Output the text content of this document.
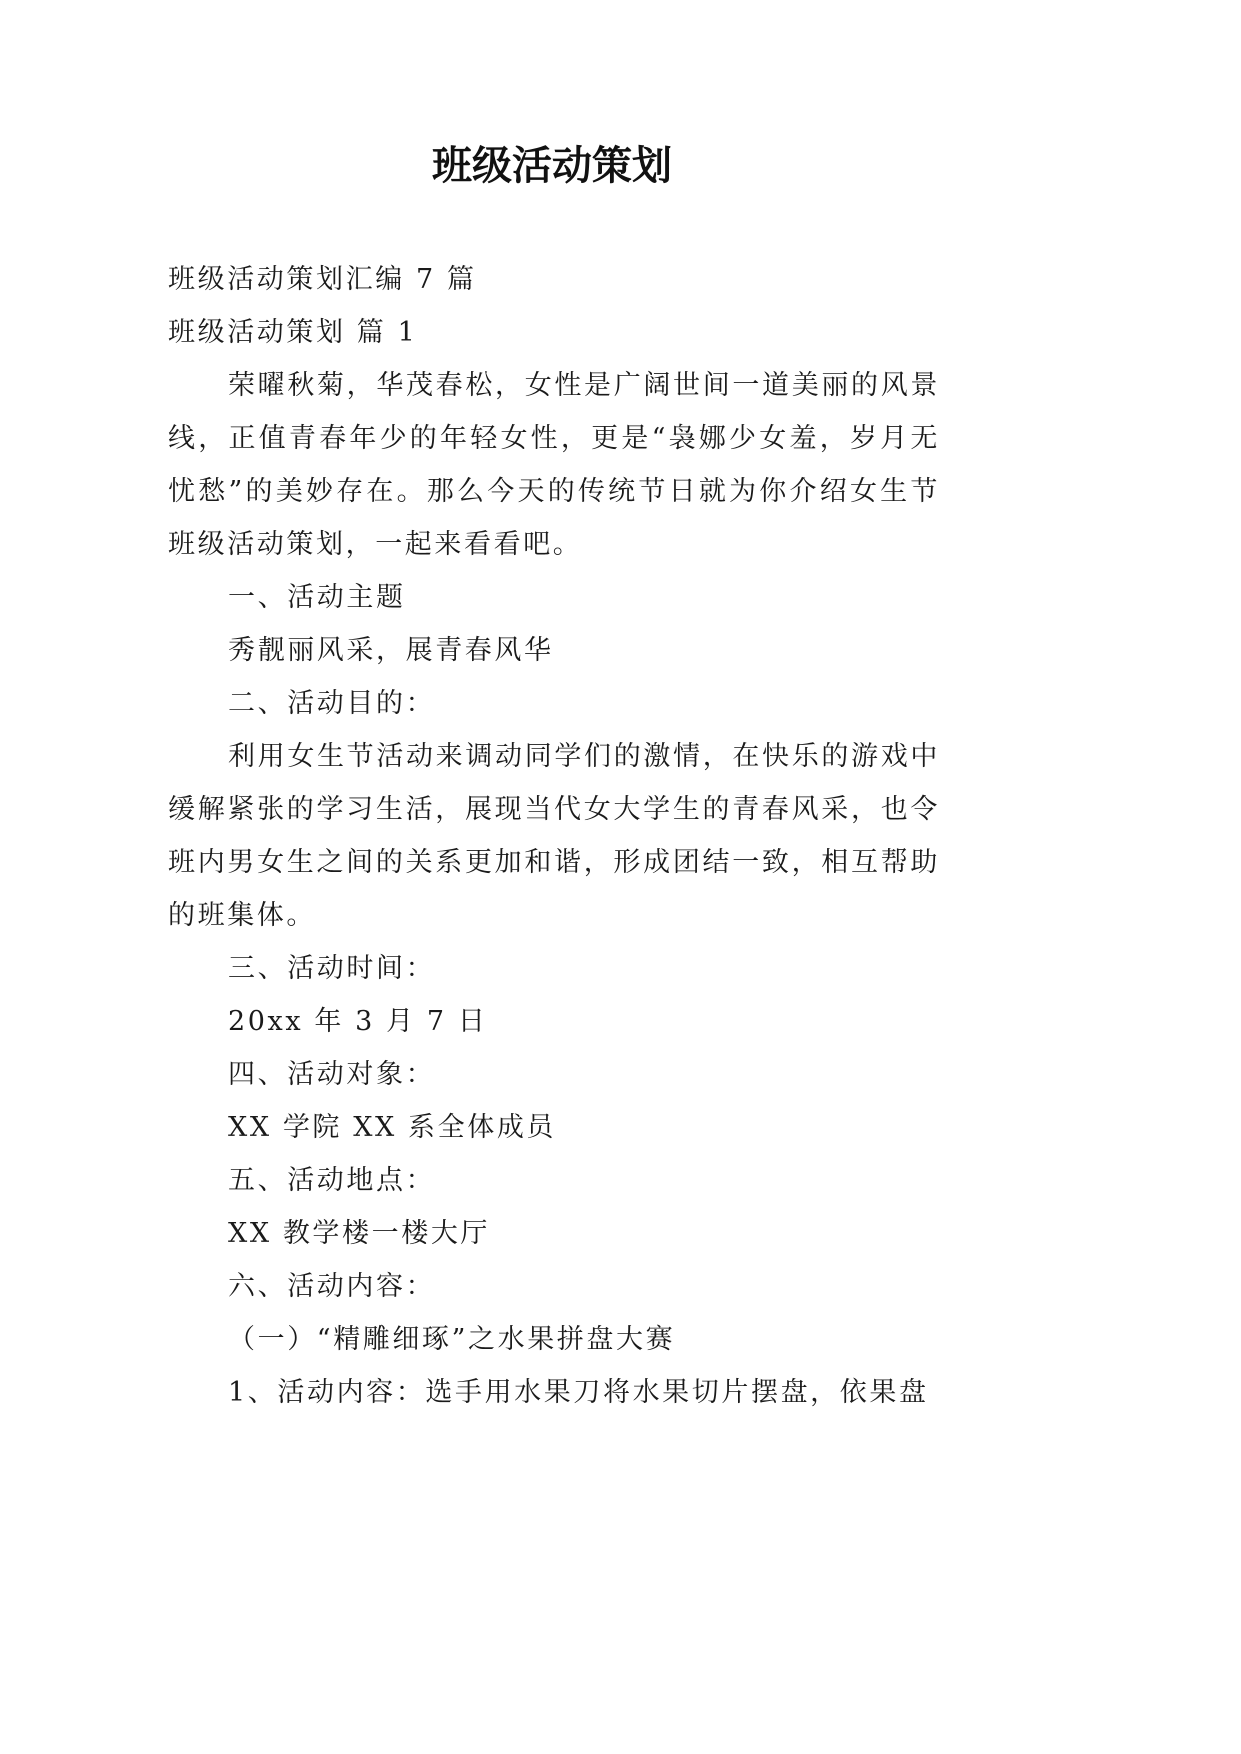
班级活动策划

班级活动策划汇编 7 篇

班级活动策划 篇 1

荣曜秋菊，华茂春松，女性是广阔世间一道美丽的风景线，正值青春年少的年轻女性，更是“袅娜少女羞，岁月无忧愁”的美妙存在。那么今天的传统节日就为你介绍女生节班级活动策划，一起来看看吧。

一、活动主题

秀靓丽风采，展青春风华

二、活动目的：

利用女生节活动来调动同学们的激情，在快乐的游戏中缓解紧张的学习生活，展现当代女大学生的青春风采，也令班内男女生之间的关系更加和谐，形成团结一致，相互帮助的班集体。

三、活动时间：

20xx 年 3 月 7 日

四、活动对象：

XX 学院 XX 系全体成员

五、活动地点：

XX 教学楼一楼大厅

六、活动内容：

（一）“精雕细琢”之水果拼盘大赛

1、活动内容：选手用水果刀将水果切片摆盘，依果盘
